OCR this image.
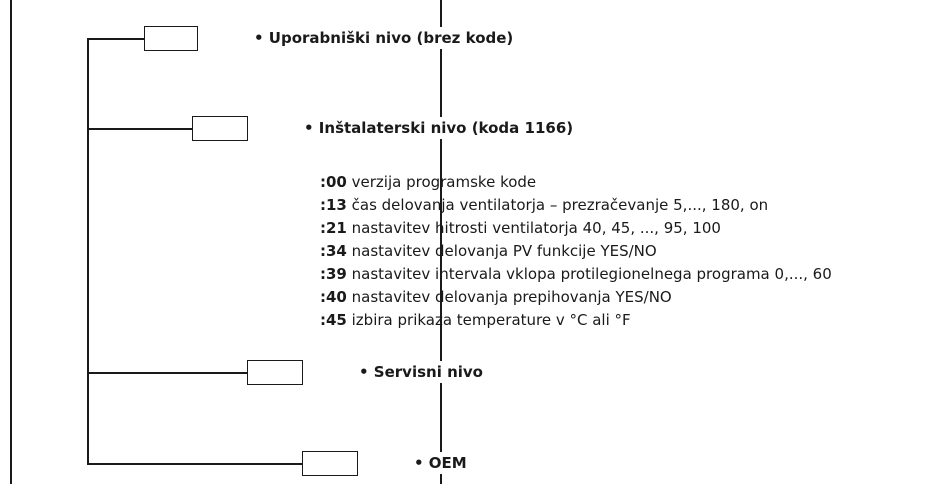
• Uporabniški nivo (brez kode)
• Inštalaterski nivo (koda 1166)
• Servisni nivo
• OEM
:00 verzija programske kode
:13 čas delovanja ventilatorja – prezračevanje 5,..., 180, on
:21 nastavitev hitrosti ventilatorja 40, 45, ..., 95, 100
:34 nastavitev delovanja PV funkcije YES/NO
:39 nastavitev intervala vklopa protilegionelnega programa 0,..., 60
:40 nastavitev delovanja prepihovanja YES/NO
:45 izbira prikaza temperature v °C ali °F
